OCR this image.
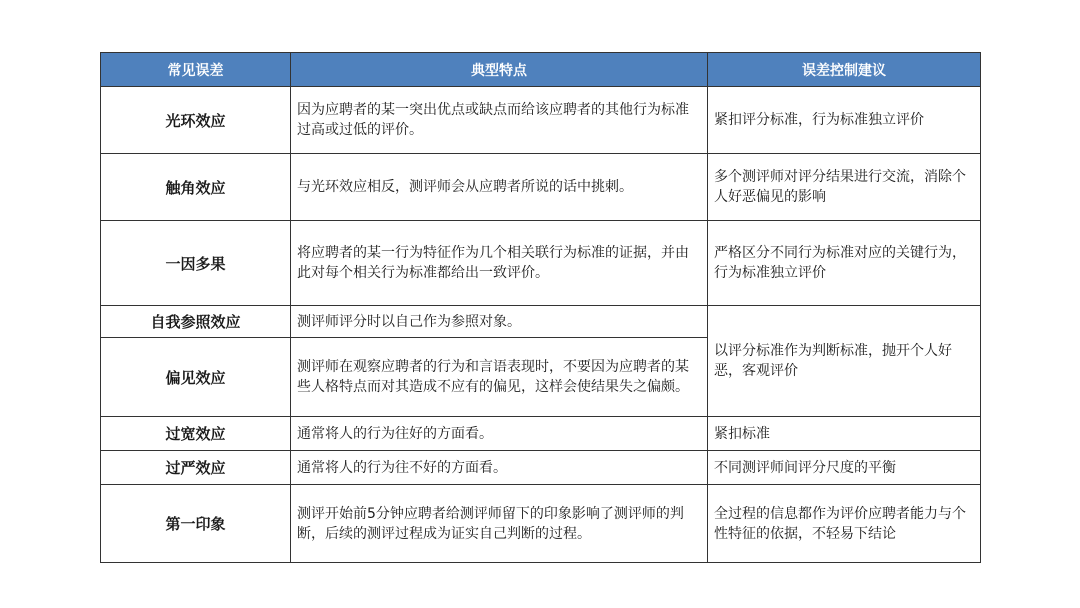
常见误差	典型特点	误差控制建议
光环效应	因为应聘者的某一突出优点或缺点而给该应聘者的其他行为标准过高或过低的评价。	紧扣评分标准，行为标准独立评价
触角效应	与光环效应相反，测评师会从应聘者所说的话中挑刺。	多个测评师对评分结果进行交流，消除个人好恶偏见的影响
一因多果	将应聘者的某一行为特征作为几个相关联行为标准的证据，并由此对每个相关行为标准都给出一致评价。	严格区分不同行为标准对应的关键行为，行为标准独立评价
自我参照效应	测评师评分时以自己作为参照对象。	以评分标准作为判断标准，抛开个人好恶，客观评价
偏见效应	测评师在观察应聘者的行为和言语表现时，不要因为应聘者的某些人格特点而对其造成不应有的偏见，这样会使结果失之偏颇。	
过宽效应	通常将人的行为往好的方面看。	紧扣标准
过严效应	通常将人的行为往不好的方面看。	不同测评师间评分尺度的平衡
第一印象	测评开始前5分钟应聘者给测评师留下的印象影响了测评师的判断，后续的测评过程成为证实自己判断的过程。	全过程的信息都作为评价应聘者能力与个性特征的依据，不轻易下结论
